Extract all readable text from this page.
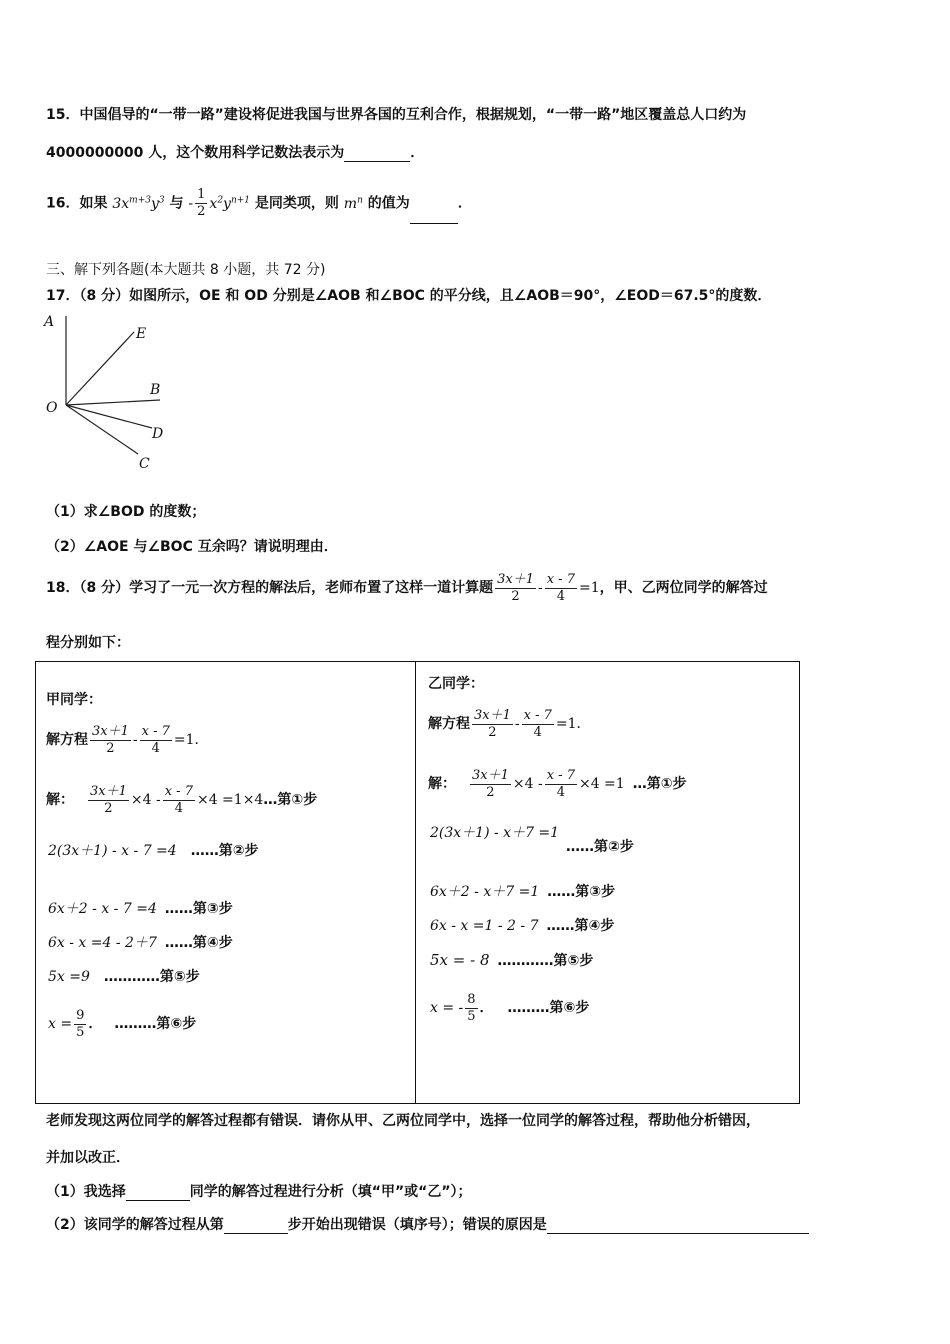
15．中国倡导的“一带一路”建设将促进我国与世界各国的互利合作，根据规划，“一带一路”地区覆盖总人口约为
4000000000 人，这个数用科学记数法表示为	．
16．如果 $3x^{m+3}y^3$ 与 - $\frac{1}{2} x^2y^{n+1}$ 是同类项，则 $m^n$ 的值为	．
三、解下列各题(本大题共 8 小题，共 72 分)
17．（8 分）如图所示，OE 和 OD 分别是∠AOB 和∠BOC 的平分线，且∠AOB＝90°，∠EOD＝67.5°的度数．
A
E
B
O
D
C
（1）求∠BOD 的度数；
（2）∠AOE 与∠BOC 互余吗？请说明理由．
18．（8 分）学习了一元一次方程的解法后，老师布置了这样一道计算题 $\frac{3x+1}{2} - \frac{x - 7}{4} =1$，甲、乙两位同学的解答过
程分别如下：
甲同学：
解方程 $\frac{3x+1}{2} - \frac{x - 7}{4} =1$．
解： $\frac{3x+1}{2} \times 4 - \frac{x - 7}{4} \times 4$ =1×4…第①步
2(3x＋1) - x - 7 =4 ……第②步
6x＋2 - x - 7 =4 ……第③步
6x - x =4 - 2＋7 ……第④步
5x =9 …………第⑤步
$x = \frac{9}{5}$ ． ………第⑥步
乙同学：
解方程 $\frac{3x+1}{2} - \frac{x - 7}{4} =1$．
解： $\frac{3x+1}{2} \times 4 - \frac{x - 7}{4} \times 4 =1$ …第①步
2(3x＋1) - x＋7 =1
……第②步
6x＋2 - x＋7 =1 ……第③步
6x - x =1 - 2 - 7 ……第④步
5x = - 8 …………第⑤步
x = - $\frac{8}{5}$ ． ………第⑥步
老师发现这两位同学的解答过程都有错误．请你从甲、乙两位同学中，选择一位同学的解答过程，帮助他分析错因，
并加以改正．
（1）我选择	同学的解答过程进行分析（填“甲”或“乙”）；
（2）该同学的解答过程从第	步开始出现错误（填序号）；错误的原因是
